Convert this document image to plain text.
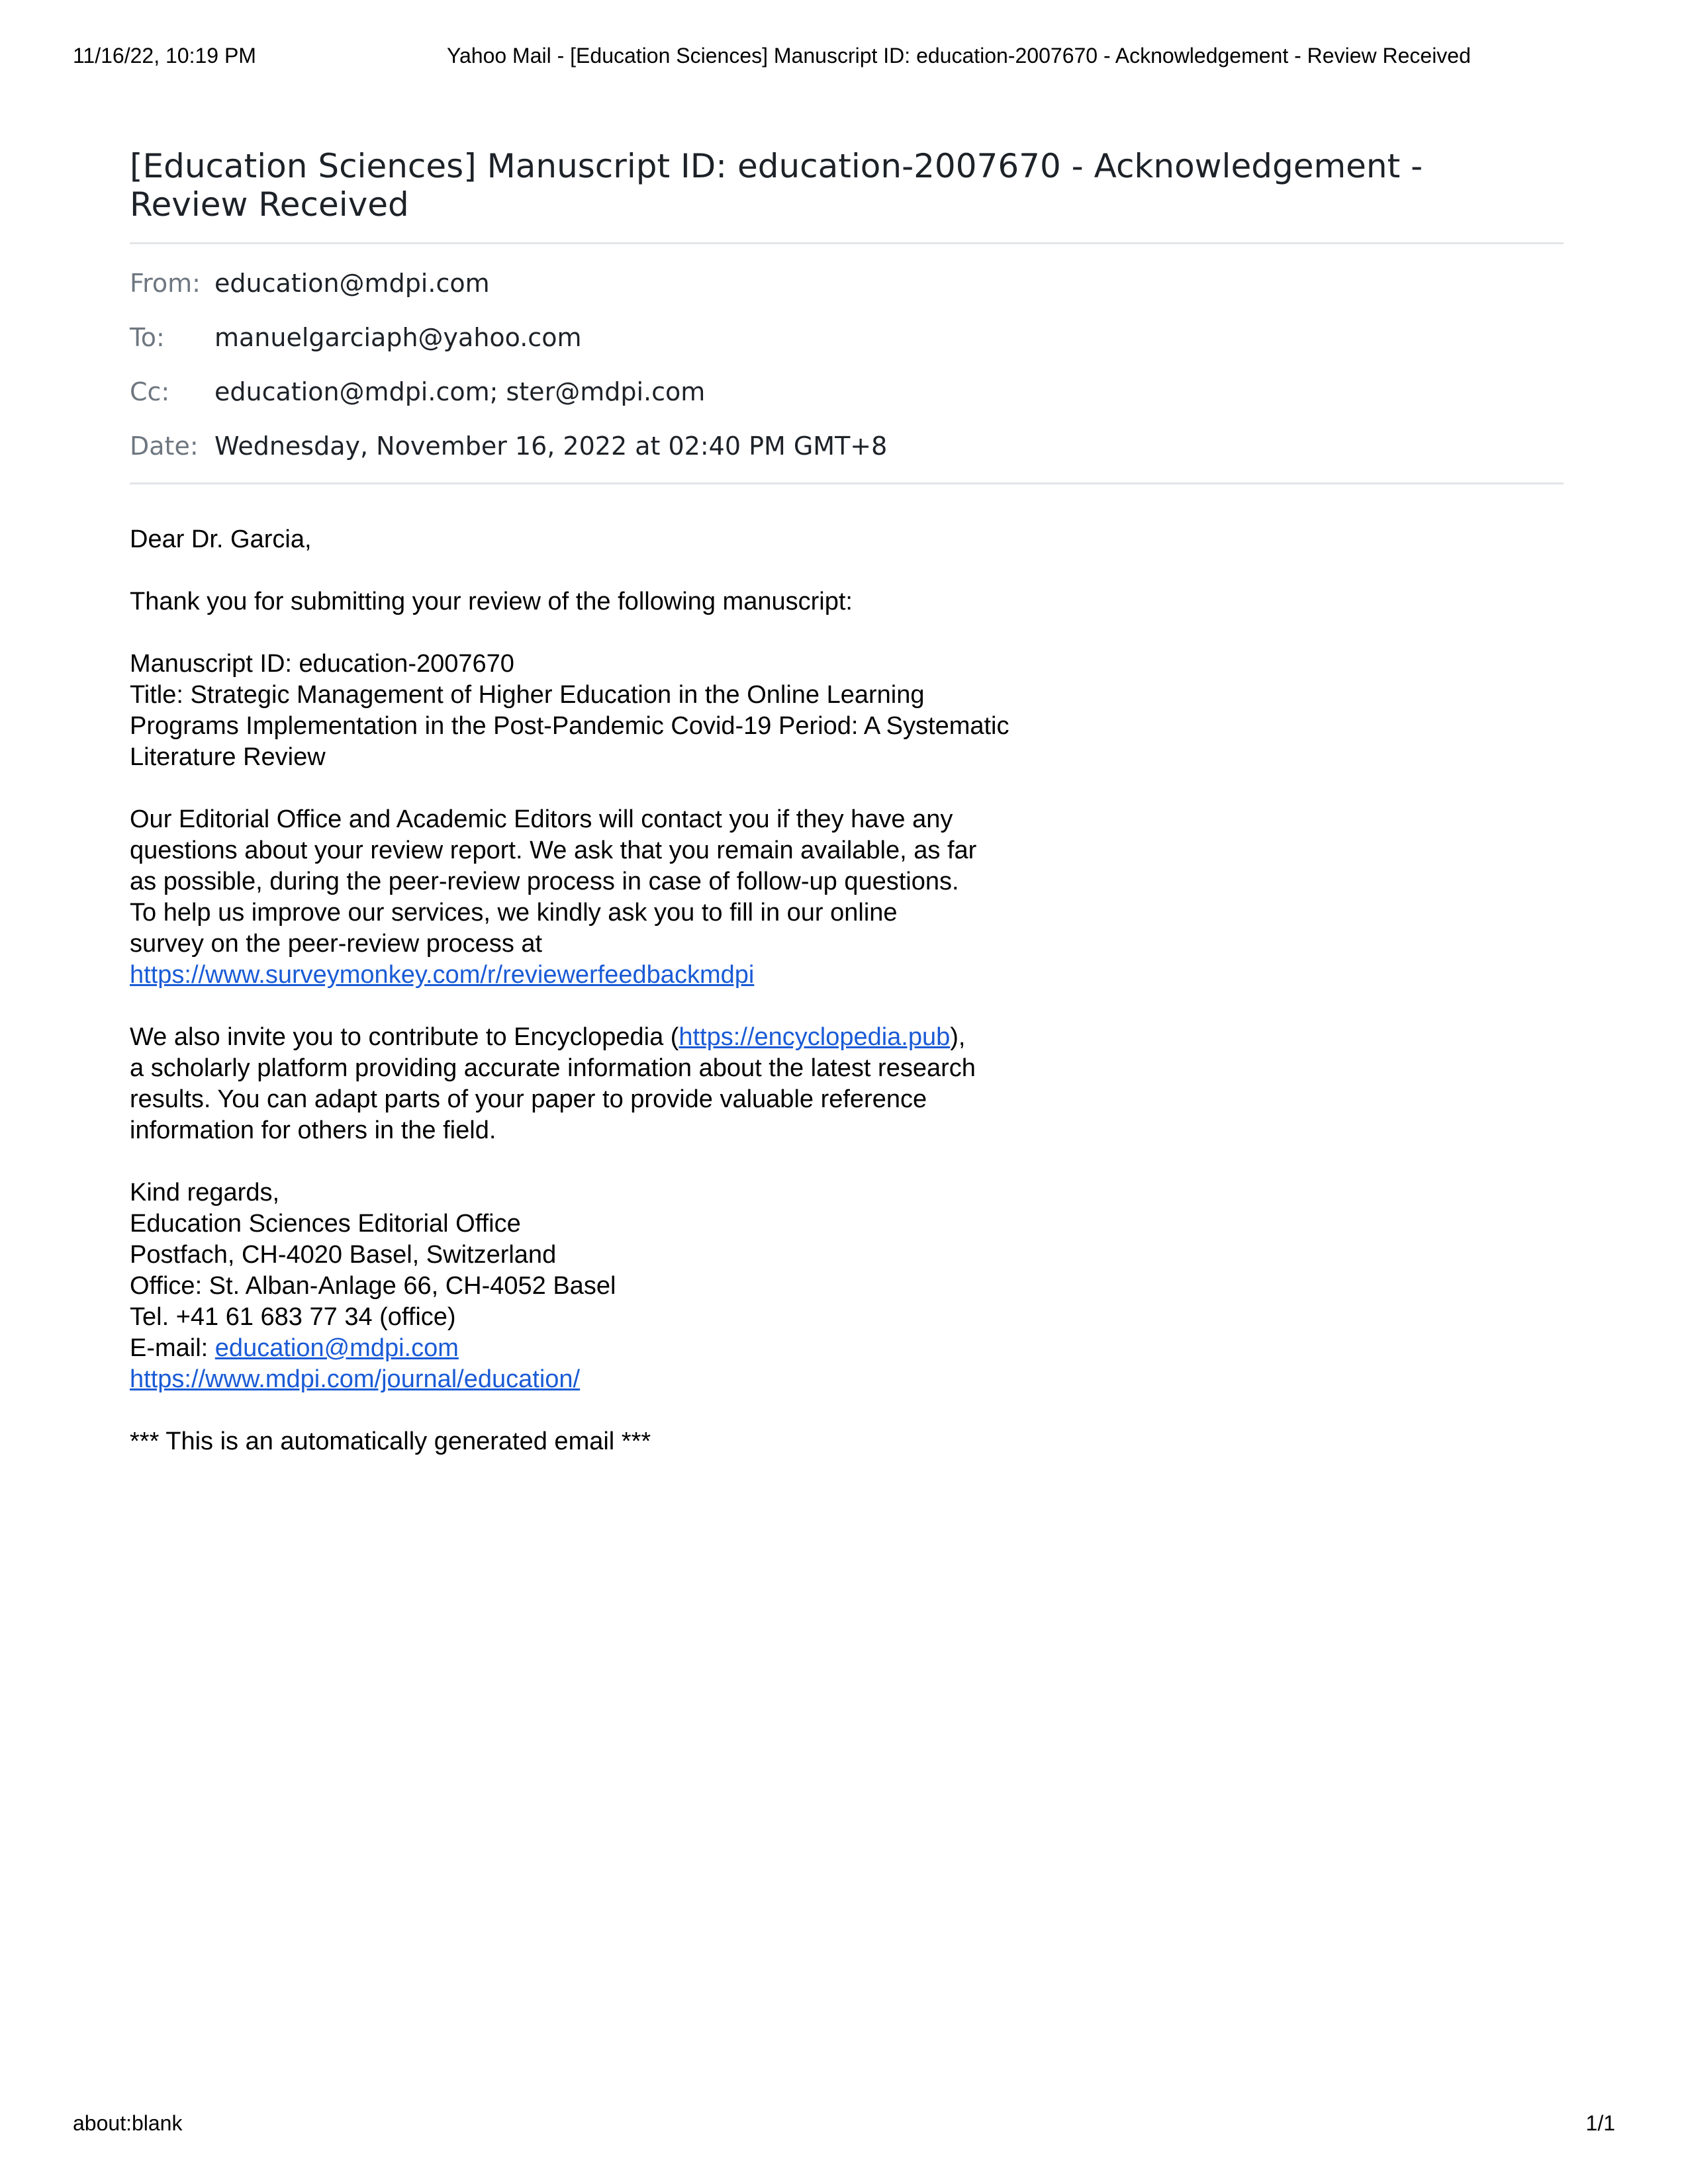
11/16/22, 10:19 PM	Yahoo Mail - [Education Sciences] Manuscript ID: education-2007670 - Acknowledgement - Review Received
[Education Sciences] Manuscript ID: education-2007670 - Acknowledgement - Review Received
From: education@mdpi.com
To:	manuelgarciaph@yahoo.com
Cc:	education@mdpi.com; ster@mdpi.com
Date: Wednesday, November 16, 2022 at 02:40 PM GMT+8

Dear Dr. Garcia,

Thank you for submitting your review of the following manuscript:

Manuscript ID: education-2007670
Title: Strategic Management of Higher Education in the Online Learning
Programs Implementation in the Post-Pandemic Covid-19 Period: A Systematic
Literature Review

Our Editorial Office and Academic Editors will contact you if they have any
questions about your review report. We ask that you remain available, as far
as possible, during the peer-review process in case of follow-up questions.
To help us improve our services, we kindly ask you to fill in our online
survey on the peer-review process at
https://www.surveymonkey.com/r/reviewerfeedbackmdpi

We also invite you to contribute to Encyclopedia (https://encyclopedia.pub),
a scholarly platform providing accurate information about the latest research
results. You can adapt parts of your paper to provide valuable reference
information for others in the field.

Kind regards,
Education Sciences Editorial Office
Postfach, CH-4020 Basel, Switzerland
Office: St. Alban-Anlage 66, CH-4052 Basel
Tel. +41 61 683 77 34 (office)
E-mail: education@mdpi.com
https://www.mdpi.com/journal/education/

*** This is an automatically generated email ***

about:blank	1/1
